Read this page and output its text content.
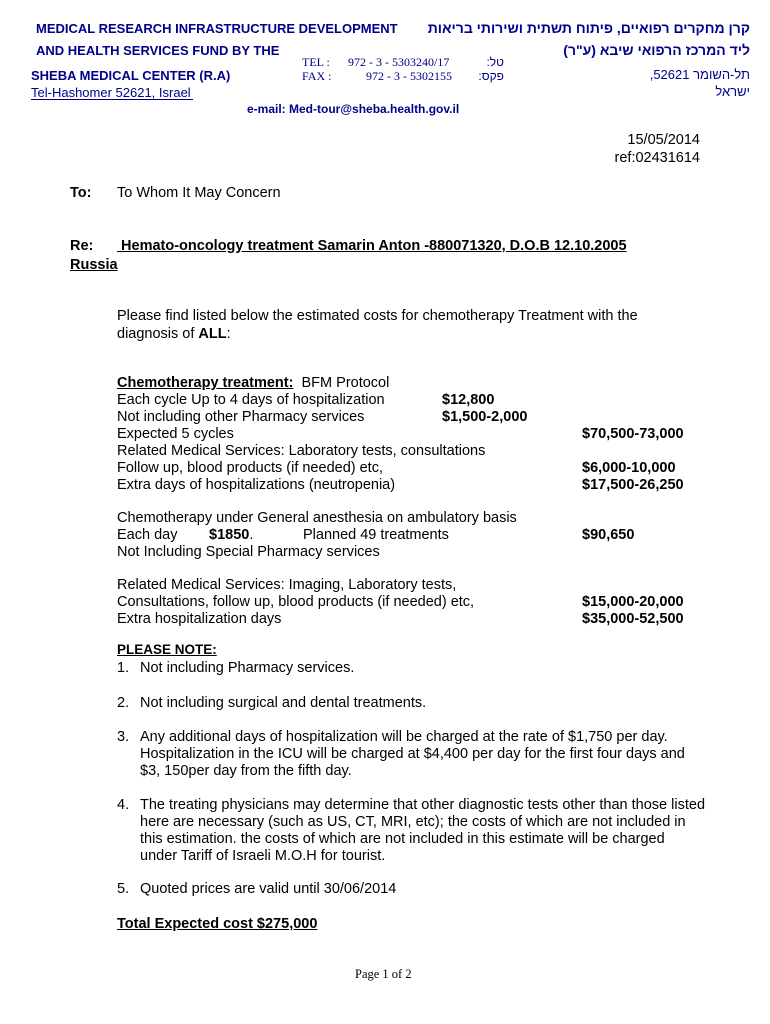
MEDICAL RESEARCH INFRASTRUCTURE DEVELOPMENT
AND HEALTH SERVICES FUND BY THE
SHEBA MEDICAL CENTER (R.A)
Tel-Hashomer 52621, Israel
קרן מחקרים רפואיים, פיתוח תשתית ושירותי בריאות
ליד המרכז הרפואי שיבא (ע"ר)
תל-השומר 52621,
ישראל
TEL : 972 - 3 - 5303240/17	טל:
FAX :	972 - 3 - 5302155 פקס:
e-mail: Med-tour@sheba.health.gov.il
15/05/2014
ref:02431614
To: To Whom It May Concern
Re: Hemato-oncology treatment Samarin Anton -880071320, D.O.B 12.10.2005
Russia
Please find listed below the estimated costs for chemotherapy Treatment with the
diagnosis of ALL:
Chemotherapy treatment: BFM Protocol
Each cycle Up to 4 days of hospitalization	$12,800
Not including other Pharmacy services	$1,500-2,000
Expected 5 cycles	$70,500-73,000
Related Medical Services: Laboratory tests, consultations
Follow up, blood products (if needed) etc,	$6,000-10,000
Extra days of hospitalizations (neutropenia)	$17,500-26,250
Chemotherapy under General anesthesia on ambulatory basis
Each day $1850.	Planned 49 treatments	$90,650
Not Including Special Pharmacy services
Related Medical Services: Imaging, Laboratory tests,
Consultations, follow up, blood products (if needed) etc,	$15,000-20,000
Extra hospitalization days	$35,000-52,500
PLEASE NOTE:
1. Not including Pharmacy services.
2. Not including surgical and dental treatments.
3. Any additional days of hospitalization will be charged at the rate of $1,750 per day.
Hospitalization in the ICU will be charged at $4,400 per day for the first four days and
$3, 150per day from the fifth day.
4. The treating physicians may determine that other diagnostic tests other than those listed
here are necessary (such as US, CT, MRI, etc); the costs of which are not included in
this estimation. the costs of which are not included in this estimate will be charged
under Tariff of Israeli M.O.H for tourist.
5. Quoted prices are valid until 30/06/2014
Total Expected cost $275,000
Page 1 of 2
